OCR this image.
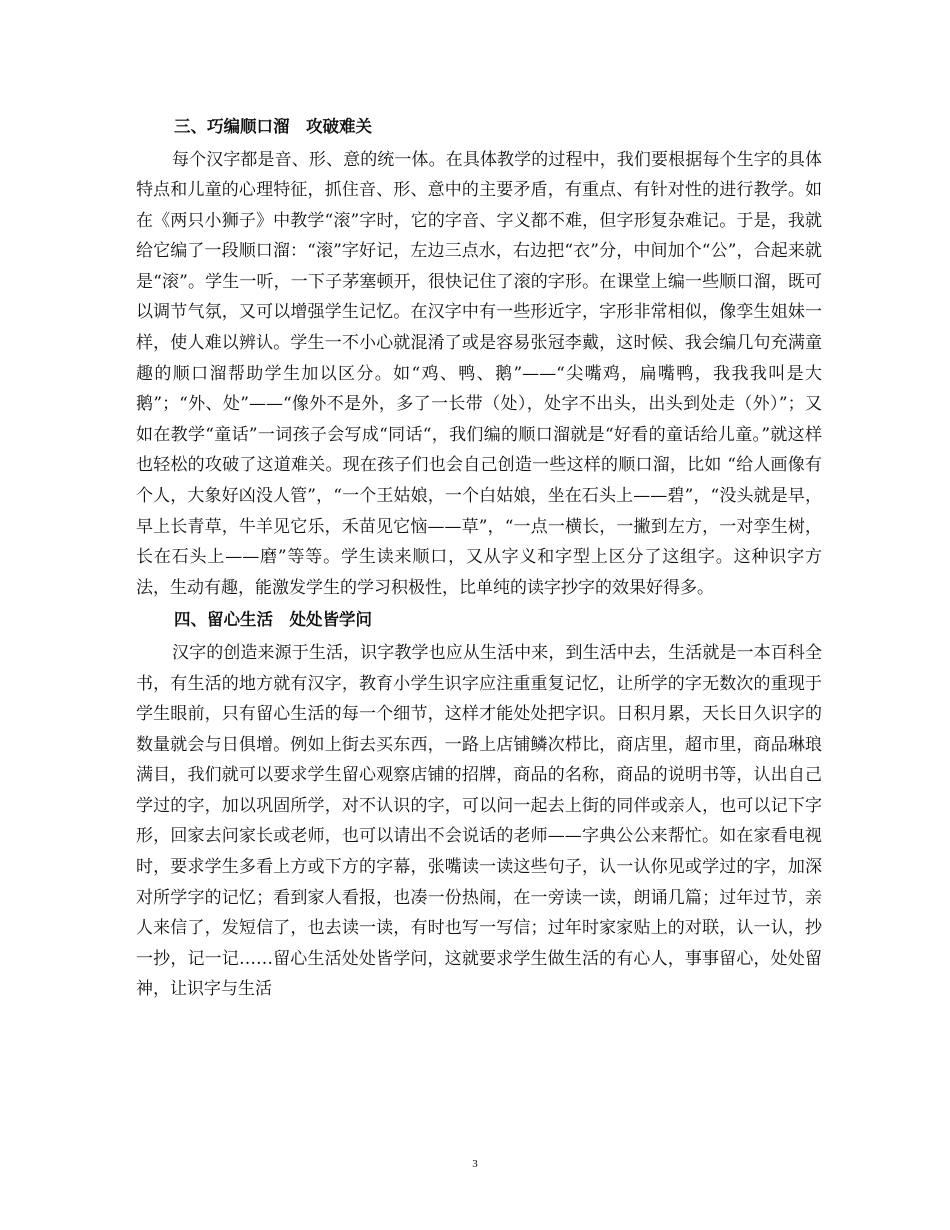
三、巧编顺口溜　攻破难关

每个汉字都是音、形、意的统一体。在具体教学的过程中，我们要根据每个生字的具体特点和儿童的心理特征，抓住音、形、意中的主要矛盾，有重点、有针对性的进行教学。如在《两只小狮子》中教学“滚”字时，它的字音、字义都不难，但字形复杂难记。于是，我就给它编了一段顺口溜：“滚”字好记，左边三点水，右边把“衣”分，中间加个“公”，合起来就是“滚”。学生一听，一下子茅塞顿开，很快记住了滚的字形。在课堂上编一些顺口溜，既可以调节气氛，又可以增强学生记忆。在汉字中有一些形近字，字形非常相似，像孪生姐妹一样，使人难以辨认。学生一不小心就混淆了或是容易张冠李戴，这时候、我会编几句充满童趣的顺口溜帮助学生加以区分。如“鸡、鸭、鹅”——“尖嘴鸡，扁嘴鸭，我我我叫是大鹅”；“外、处”——“像外不是外，多了一长带（处），处字不出头，出头到处走（外）”；又如在教学“童话”一词孩子会写成“同话“，我们编的顺口溜就是“好看的童话给儿童。”就这样也轻松的攻破了这道难关。现在孩子们也会自己创造一些这样的顺口溜，比如 “给人画像有个人，大象好凶没人管”，“一个王姑娘，一个白姑娘，坐在石头上——碧”，“没头就是早，早上长青草，牛羊见它乐，禾苗见它恼——草”，“一点一横长，一撇到左方，一对孪生树，长在石头上——磨”等等。学生读来顺口，又从字义和字型上区分了这组字。这种识字方法，生动有趣，能激发学生的学习积极性，比单纯的读字抄字的效果好得多。

四、留心生活　处处皆学问

汉字的创造来源于生活，识字教学也应从生活中来，到生活中去，生活就是一本百科全书，有生活的地方就有汉字，教育小学生识字应注重重复记忆，让所学的字无数次的重现于学生眼前，只有留心生活的每一个细节，这样才能处处把字识。日积月累，天长日久识字的数量就会与日俱增。例如上街去买东西，一路上店铺鳞次栉比，商店里，超市里，商品琳琅满目，我们就可以要求学生留心观察店铺的招牌，商品的名称，商品的说明书等，认出自己学过的字，加以巩固所学，对不认识的字，可以问一起去上街的同伴或亲人，也可以记下字形，回家去问家长或老师，也可以请出不会说话的老师——字典公公来帮忙。如在家看电视时，要求学生多看上方或下方的字幕，张嘴读一读这些句子，认一认你见或学过的字，加深对所学字的记忆；看到家人看报，也凑一份热闹，在一旁读一读，朗诵几篇；过年过节，亲人来信了，发短信了，也去读一读，有时也写一写信；过年时家家贴上的对联，认一认，抄一抄，记一记……留心生活处处皆学问，这就要求学生做生活的有心人，事事留心，处处留神，让识字与生活

3
